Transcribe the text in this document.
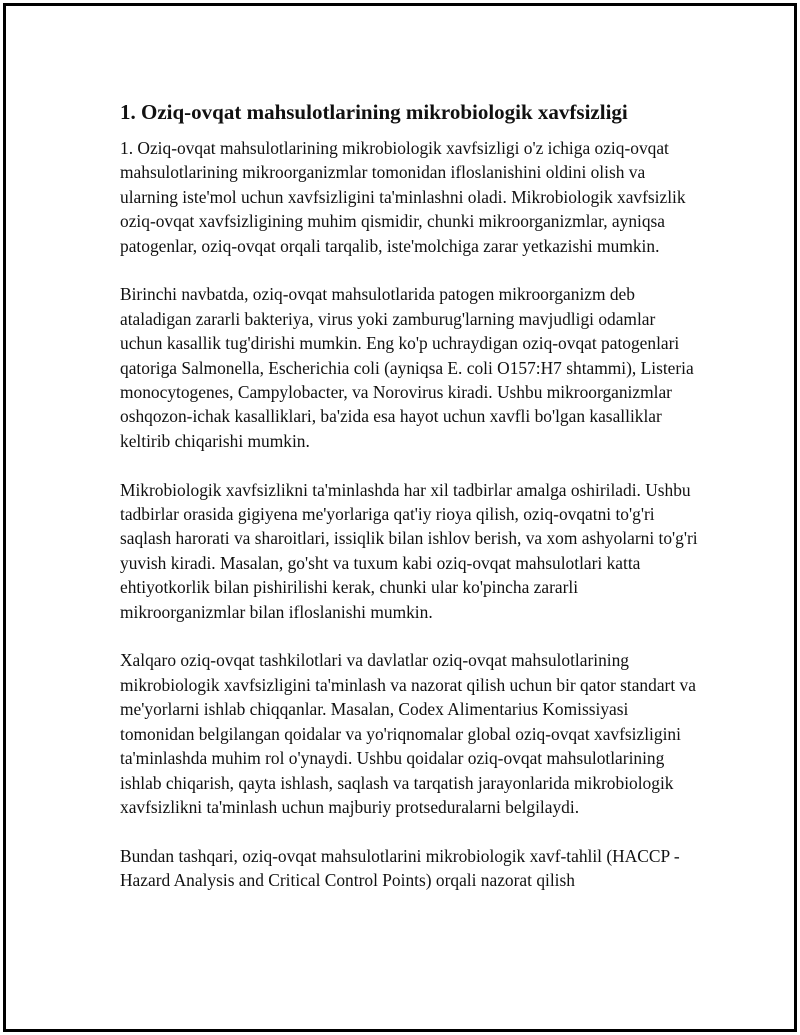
1. Oziq-ovqat mahsulotlarining mikrobiologik xavfsizligi

1. Oziq-ovqat mahsulotlarining mikrobiologik xavfsizligi o'z ichiga oziq-ovqat mahsulotlarining mikroorganizmlar tomonidan ifloslanishini oldini olish va ularning iste'mol uchun xavfsizligini ta'minlashni oladi. Mikrobiologik xavfsizlik oziq-ovqat xavfsizligining muhim qismidir, chunki mikroorganizmlar, ayniqsa patogenlar, oziq-ovqat orqali tarqalib, iste'molchiga zarar yetkazishi mumkin.

Birinchi navbatda, oziq-ovqat mahsulotlarida patogen mikroorganizm deb ataladigan zararli bakteriya, virus yoki zamburug'larning mavjudligi odamlar uchun kasallik tug'dirishi mumkin. Eng ko'p uchraydigan oziq-ovqat patogenlari qatoriga Salmonella, Escherichia coli (ayniqsa E. coli O157:H7 shtammi), Listeria monocytogenes, Campylobacter, va Norovirus kiradi. Ushbu mikroorganizmlar oshqozon-ichak kasalliklari, ba'zida esa hayot uchun xavfli bo'lgan kasalliklar keltirib chiqarishi mumkin.

Mikrobiologik xavfsizlikni ta'minlashda har xil tadbirlar amalga oshiriladi. Ushbu tadbirlar orasida gigiyena me'yorlariga qat'iy rioya qilish, oziq-ovqatni to'g'ri saqlash harorati va sharoitlari, issiqlik bilan ishlov berish, va xom ashyolarni to'g'ri yuvish kiradi. Masalan, go'sht va tuxum kabi oziq-ovqat mahsulotlari katta ehtiyotkorlik bilan pishirilishi kerak, chunki ular ko'pincha zararli mikroorganizmlar bilan ifloslanishi mumkin.

Xalqaro oziq-ovqat tashkilotlari va davlatlar oziq-ovqat mahsulotlarining mikrobiologik xavfsizligini ta'minlash va nazorat qilish uchun bir qator standart va me'yorlarni ishlab chiqqanlar. Masalan, Codex Alimentarius Komissiyasi tomonidan belgilangan qoidalar va yo'riqnomalar global oziq-ovqat xavfsizligini ta'minlashda muhim rol o'ynaydi. Ushbu qoidalar oziq-ovqat mahsulotlarining ishlab chiqarish, qayta ishlash, saqlash va tarqatish jarayonlarida mikrobiologik xavfsizlikni ta'minlash uchun majburiy protseduralarni belgilaydi.

Bundan tashqari, oziq-ovqat mahsulotlarini mikrobiologik xavf-tahlil (HACCP - Hazard Analysis and Critical Control Points) orqali nazorat qilish
